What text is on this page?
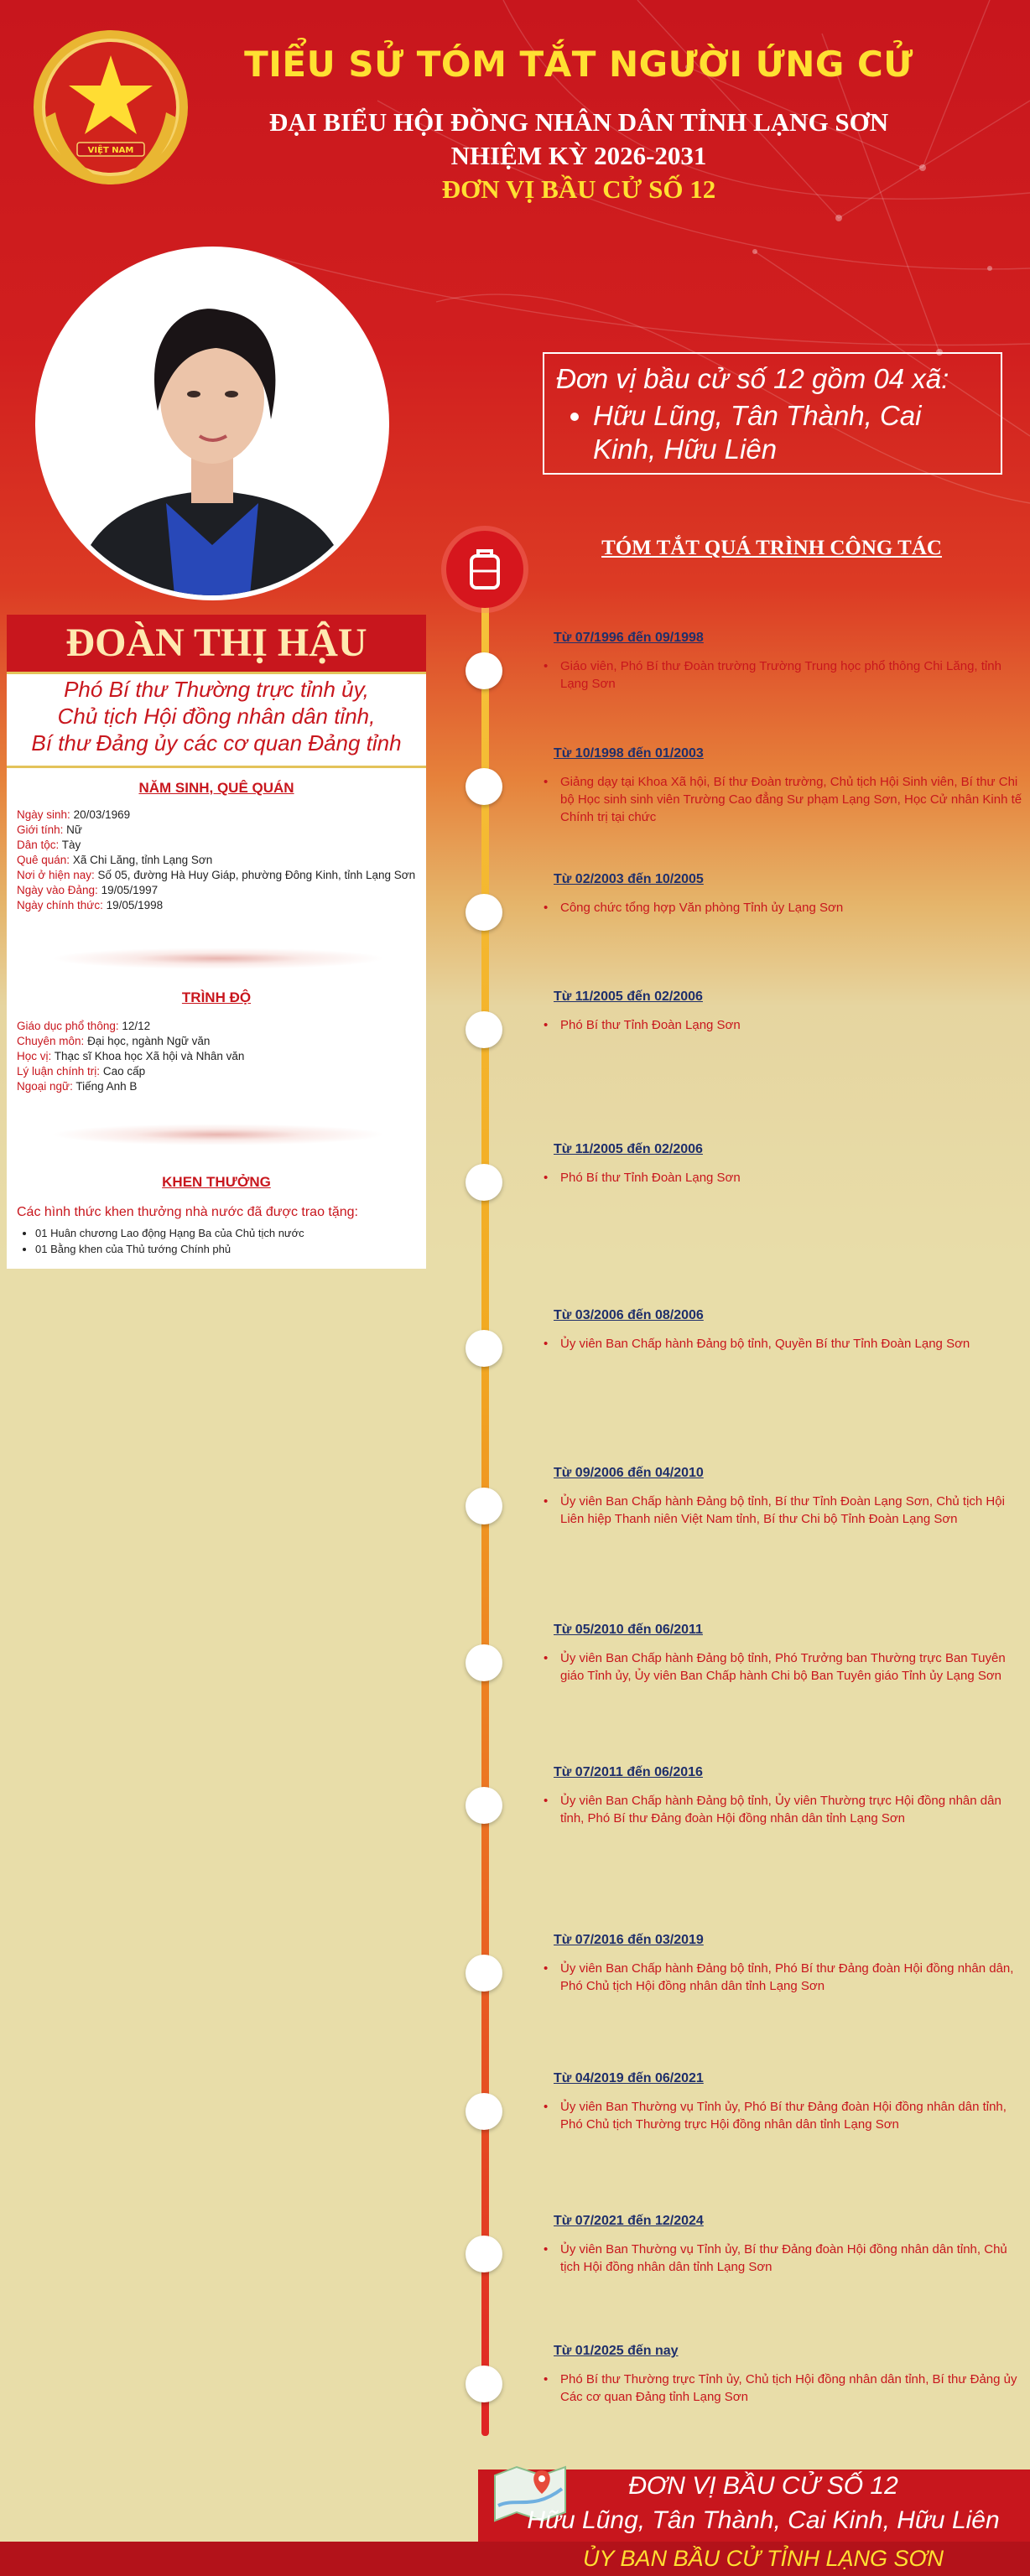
VIỆT NAM
TIỂU SỬ TÓM TẮT NGƯỜI ỨNG CỬ
ĐẠI BIỂU HỘI ĐỒNG NHÂN DÂN TỈNH LẠNG SƠN
NHIỆM KỲ 2026-2031
ĐƠN VỊ BẦU CỬ SỐ 12
Đơn vị bầu cử số 12 gồm 04 xã:
• Hữu Lũng, Tân Thành, Cai Kinh, Hữu Liên
ĐOÀN THỊ HẬU
Phó Bí thư Thường trực tỉnh ủy,
Chủ tịch Hội đồng nhân dân tỉnh,
Bí thư Đảng ủy các cơ quan Đảng tỉnh
NĂM SINH, QUÊ QUÁN
Ngày sinh: 20/03/1969
Giới tính: Nữ
Dân tộc: Tày
Quê quán: Xã Chi Lăng, tỉnh Lạng Sơn
Nơi ở hiện nay: Số 05, đường Hà Huy Giáp, phường Đông Kinh, tỉnh Lạng Sơn
Ngày vào Đảng: 19/05/1997
Ngày chính thức: 19/05/1998
TRÌNH ĐỘ
Giáo dục phổ thông: 12/12
Chuyên môn: Đại học, ngành Ngữ văn
Học vị: Thạc sĩ Khoa học Xã hội và Nhân văn
Lý luận chính trị: Cao cấp
Ngoại ngữ: Tiếng Anh B
KHEN THƯỞNG
Các hình thức khen thưởng nhà nước đã được trao tặng:
• 01 Huân chương Lao động Hạng Ba của Chủ tịch nước
• 01 Bằng khen của Thủ tướng Chính phủ
TÓM TẮT QUÁ TRÌNH CÔNG TÁC
Từ 07/1996 đến 09/1998
• Giáo viên, Phó Bí thư Đoàn trường Trường Trung học phổ thông Chi Lăng, tỉnh Lạng Sơn
Từ 10/1998 đến 01/2003
• Giảng dạy tại Khoa Xã hội, Bí thư Đoàn trường, Chủ tịch Hội Sinh viên, Bí thư Chi bộ Học sinh sinh viên Trường Cao đẳng Sư phạm Lạng Sơn, Học Cử nhân Kinh tế Chính trị tại chức
Từ 02/2003 đến 10/2005
• Công chức tổng hợp Văn phòng Tỉnh ủy Lạng Sơn
Từ 11/2005 đến 02/2006
• Phó Bí thư Tỉnh Đoàn Lạng Sơn
Từ 11/2005 đến 02/2006
• Phó Bí thư Tỉnh Đoàn Lạng Sơn
Từ 03/2006 đến 08/2006
• Ủy viên Ban Chấp hành Đảng bộ tỉnh, Quyền Bí thư Tỉnh Đoàn Lạng Sơn
Từ 09/2006 đến 04/2010
• Ủy viên Ban Chấp hành Đảng bộ tỉnh, Bí thư Tỉnh Đoàn Lạng Sơn, Chủ tịch Hội Liên hiệp Thanh niên Việt Nam tỉnh, Bí thư Chi bộ Tỉnh Đoàn Lạng Sơn
Từ 05/2010 đến 06/2011
• Ủy viên Ban Chấp hành Đảng bộ tỉnh, Phó Trưởng ban Thường trực Ban Tuyên giáo Tỉnh ủy, Ủy viên Ban Chấp hành Chi bộ Ban Tuyên giáo Tỉnh ủy Lạng Sơn
Từ 07/2011 đến 06/2016
• Ủy viên Ban Chấp hành Đảng bộ tỉnh, Ủy viên Thường trực Hội đồng nhân dân tỉnh, Phó Bí thư Đảng đoàn Hội đồng nhân dân tỉnh Lạng Sơn
Từ 07/2016 đến 03/2019
• Ủy viên Ban Chấp hành Đảng bộ tỉnh, Phó Bí thư Đảng đoàn Hội đồng nhân dân, Phó Chủ tịch Hội đồng nhân dân tỉnh Lạng Sơn
Từ 04/2019 đến 06/2021
• Ủy viên Ban Thường vụ Tỉnh ủy, Phó Bí thư Đảng đoàn Hội đồng nhân dân tỉnh, Phó Chủ tịch Thường trực Hội đồng nhân dân tỉnh Lạng Sơn
Từ 07/2021 đến 12/2024
• Ủy viên Ban Thường vụ Tỉnh ủy, Bí thư Đảng đoàn Hội đồng nhân dân tỉnh, Chủ tịch Hội đồng nhân dân tỉnh Lạng Sơn
Từ 01/2025 đến nay
• Phó Bí thư Thường trực Tỉnh ủy, Chủ tịch Hội đồng nhân dân tỉnh, Bí thư Đảng ủy Các cơ quan Đảng tỉnh Lạng Sơn
ĐƠN VỊ BẦU CỬ SỐ 12
Hữu Lũng, Tân Thành, Cai Kinh, Hữu Liên
ỦY BAN BẦU CỬ TỈNH LẠNG SƠN
